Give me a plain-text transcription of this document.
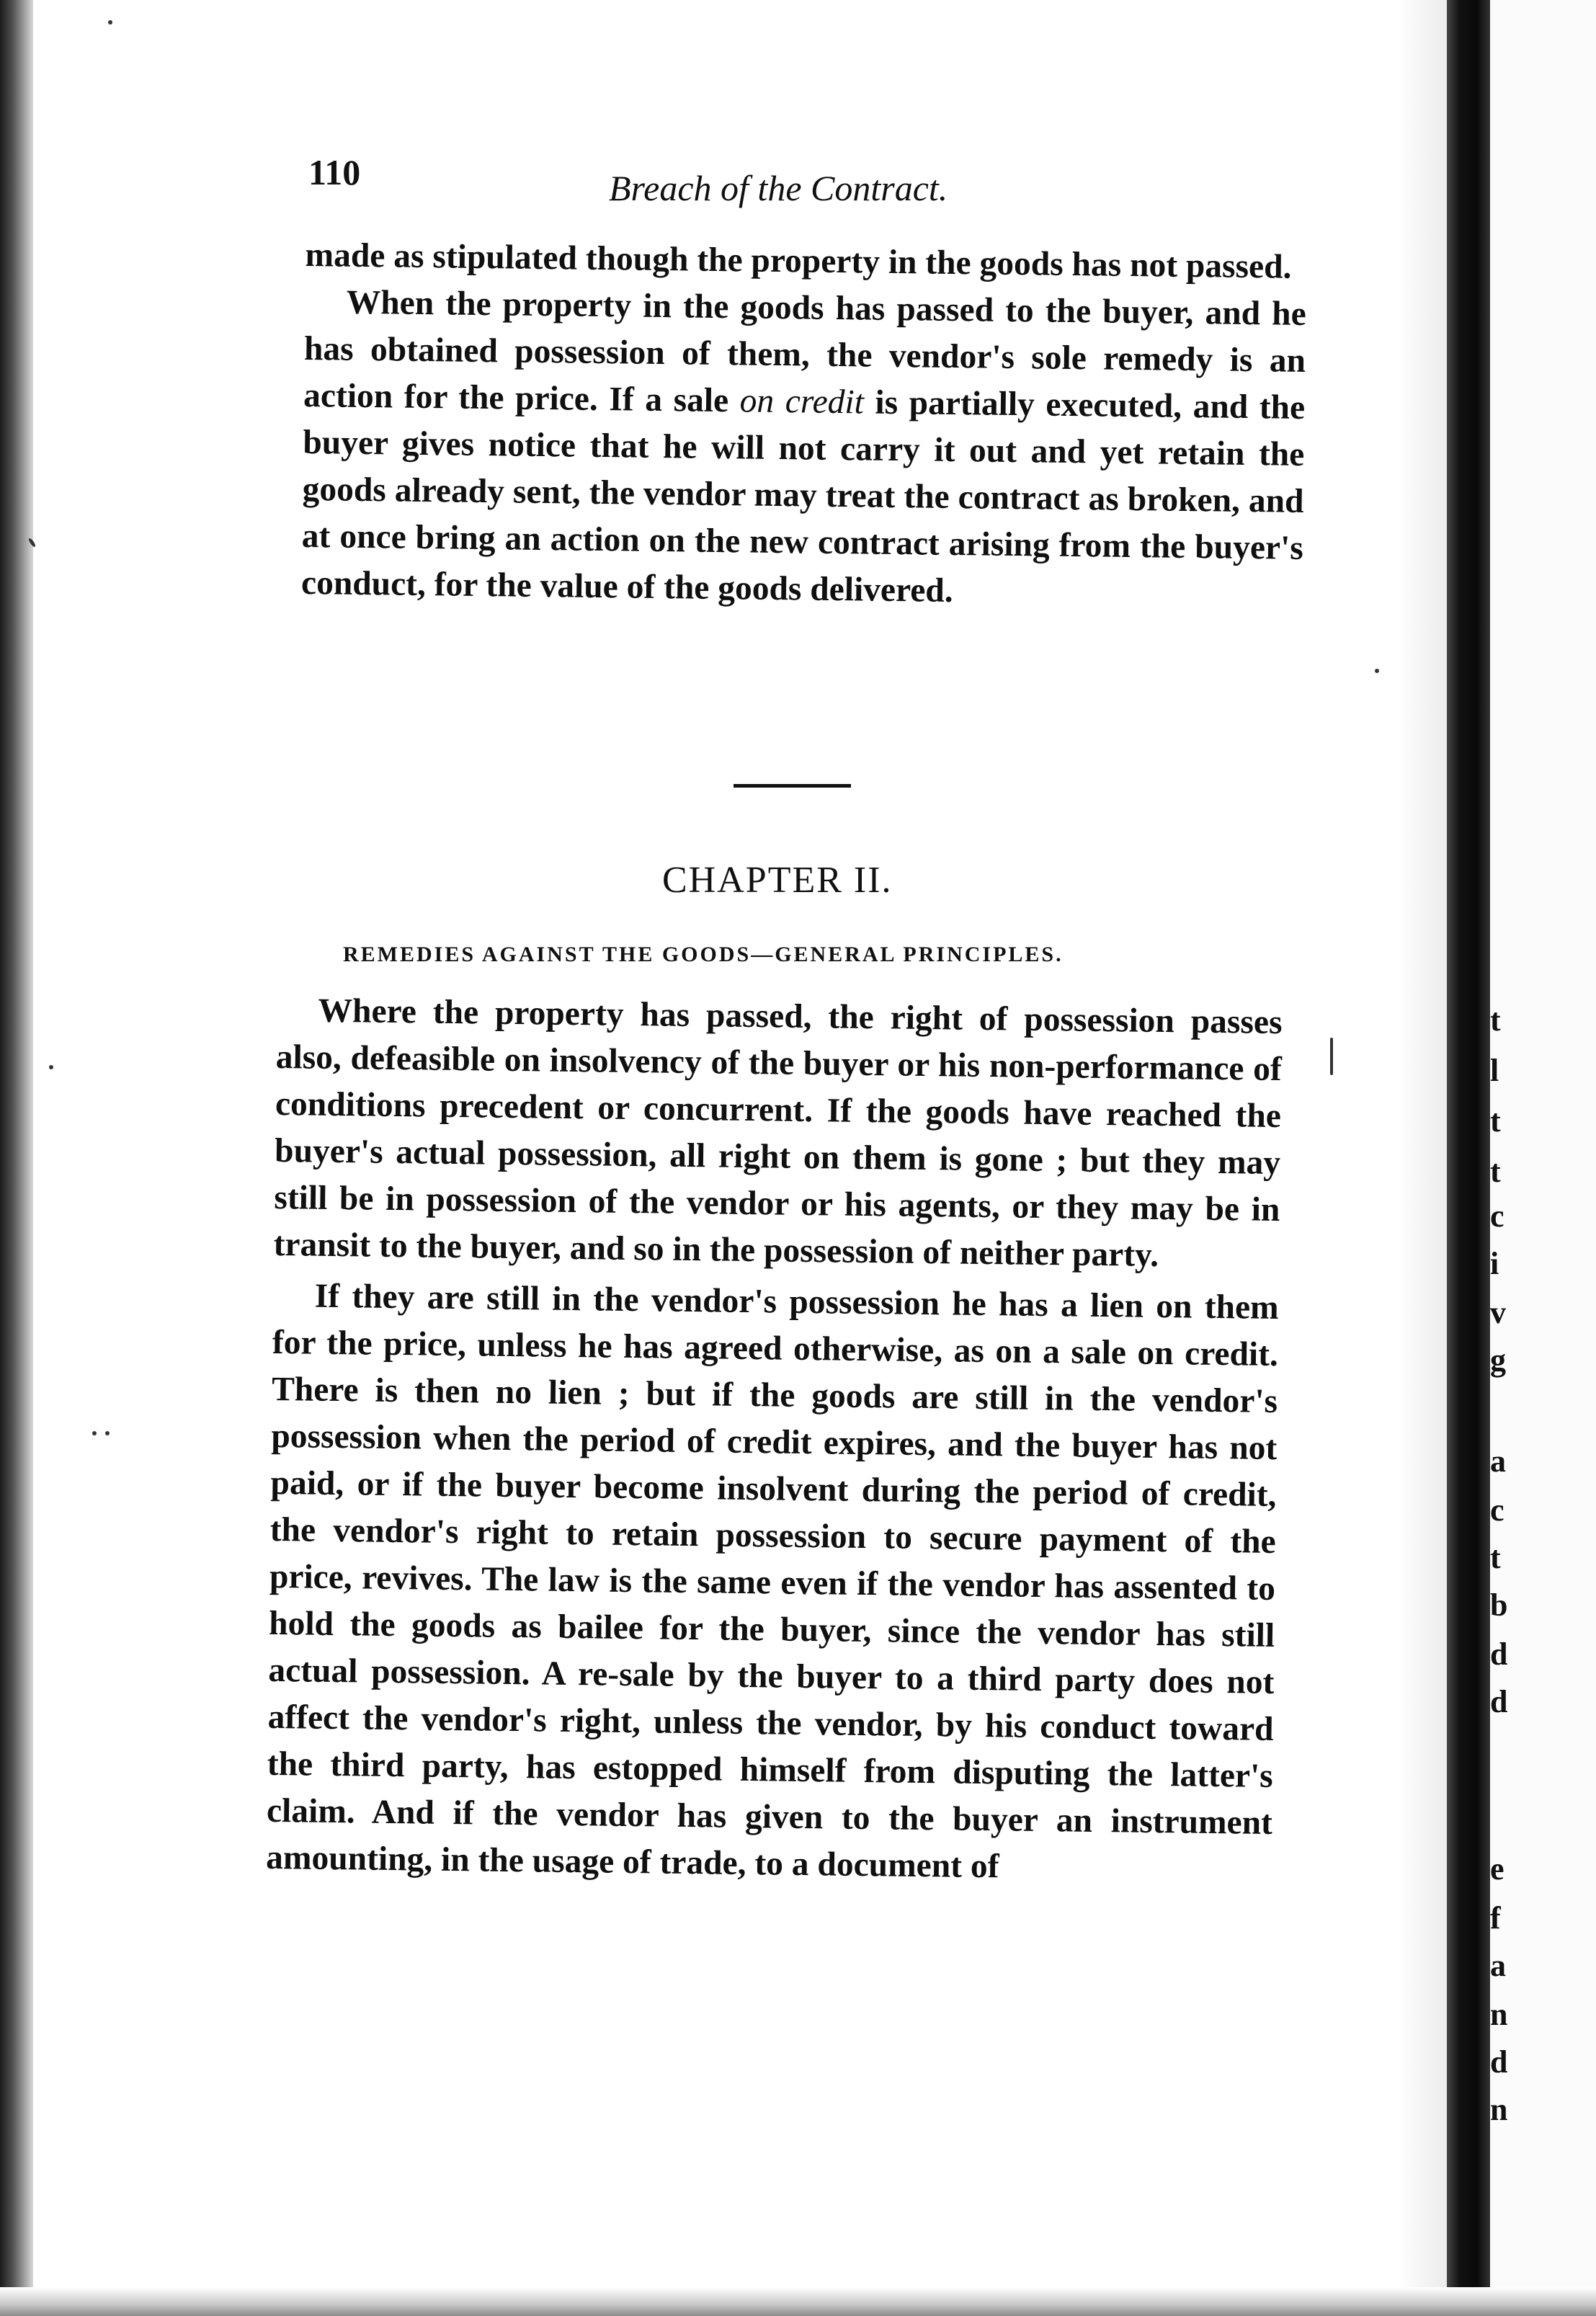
t
l
t
t
c
i
v
g
a
c
t
b
d
d
e
f
a
n
d
n
110	Breach of the Contract.

made as stipulated though the property in the goods has not passed.

When the property in the goods has passed to the buyer, and he has obtained possession of them, the vendor's sole remedy is an action for the price. If a sale on credit is partially executed, and the buyer gives notice that he will not carry it out and yet retain the goods already sent, the vendor may treat the contract as broken, and at once bring an action on the new contract arising from the buyer's conduct, for the value of the goods delivered.

CHAPTER II.
REMEDIES AGAINST THE GOODS—GENERAL PRINCIPLES.

Where the property has passed, the right of possession passes also, defeasible on insolvency of the buyer or his non-performance of conditions precedent or concurrent. If the goods have reached the buyer's actual possession, all right on them is gone ; but they may still be in possession of the vendor or his agents, or they may be in transit to the buyer, and so in the possession of neither party.

If they are still in the vendor's possession he has a lien on them for the price, unless he has agreed otherwise, as on a sale on credit. There is then no lien ; but if the goods are still in the vendor's possession when the period of credit expires, and the buyer has not paid, or if the buyer become insolvent during the period of credit, the vendor's right to retain possession to secure payment of the price, revives. The law is the same even if the vendor has assented to hold the goods as bailee for the buyer, since the vendor has still actual possession. A re-sale by the buyer to a third party does not affect the vendor's right, unless the vendor, by his conduct toward the third party, has estopped himself from disputing the latter's claim. And if the vendor has given to the buyer an instrument amounting, in the usage of trade, to a document of
